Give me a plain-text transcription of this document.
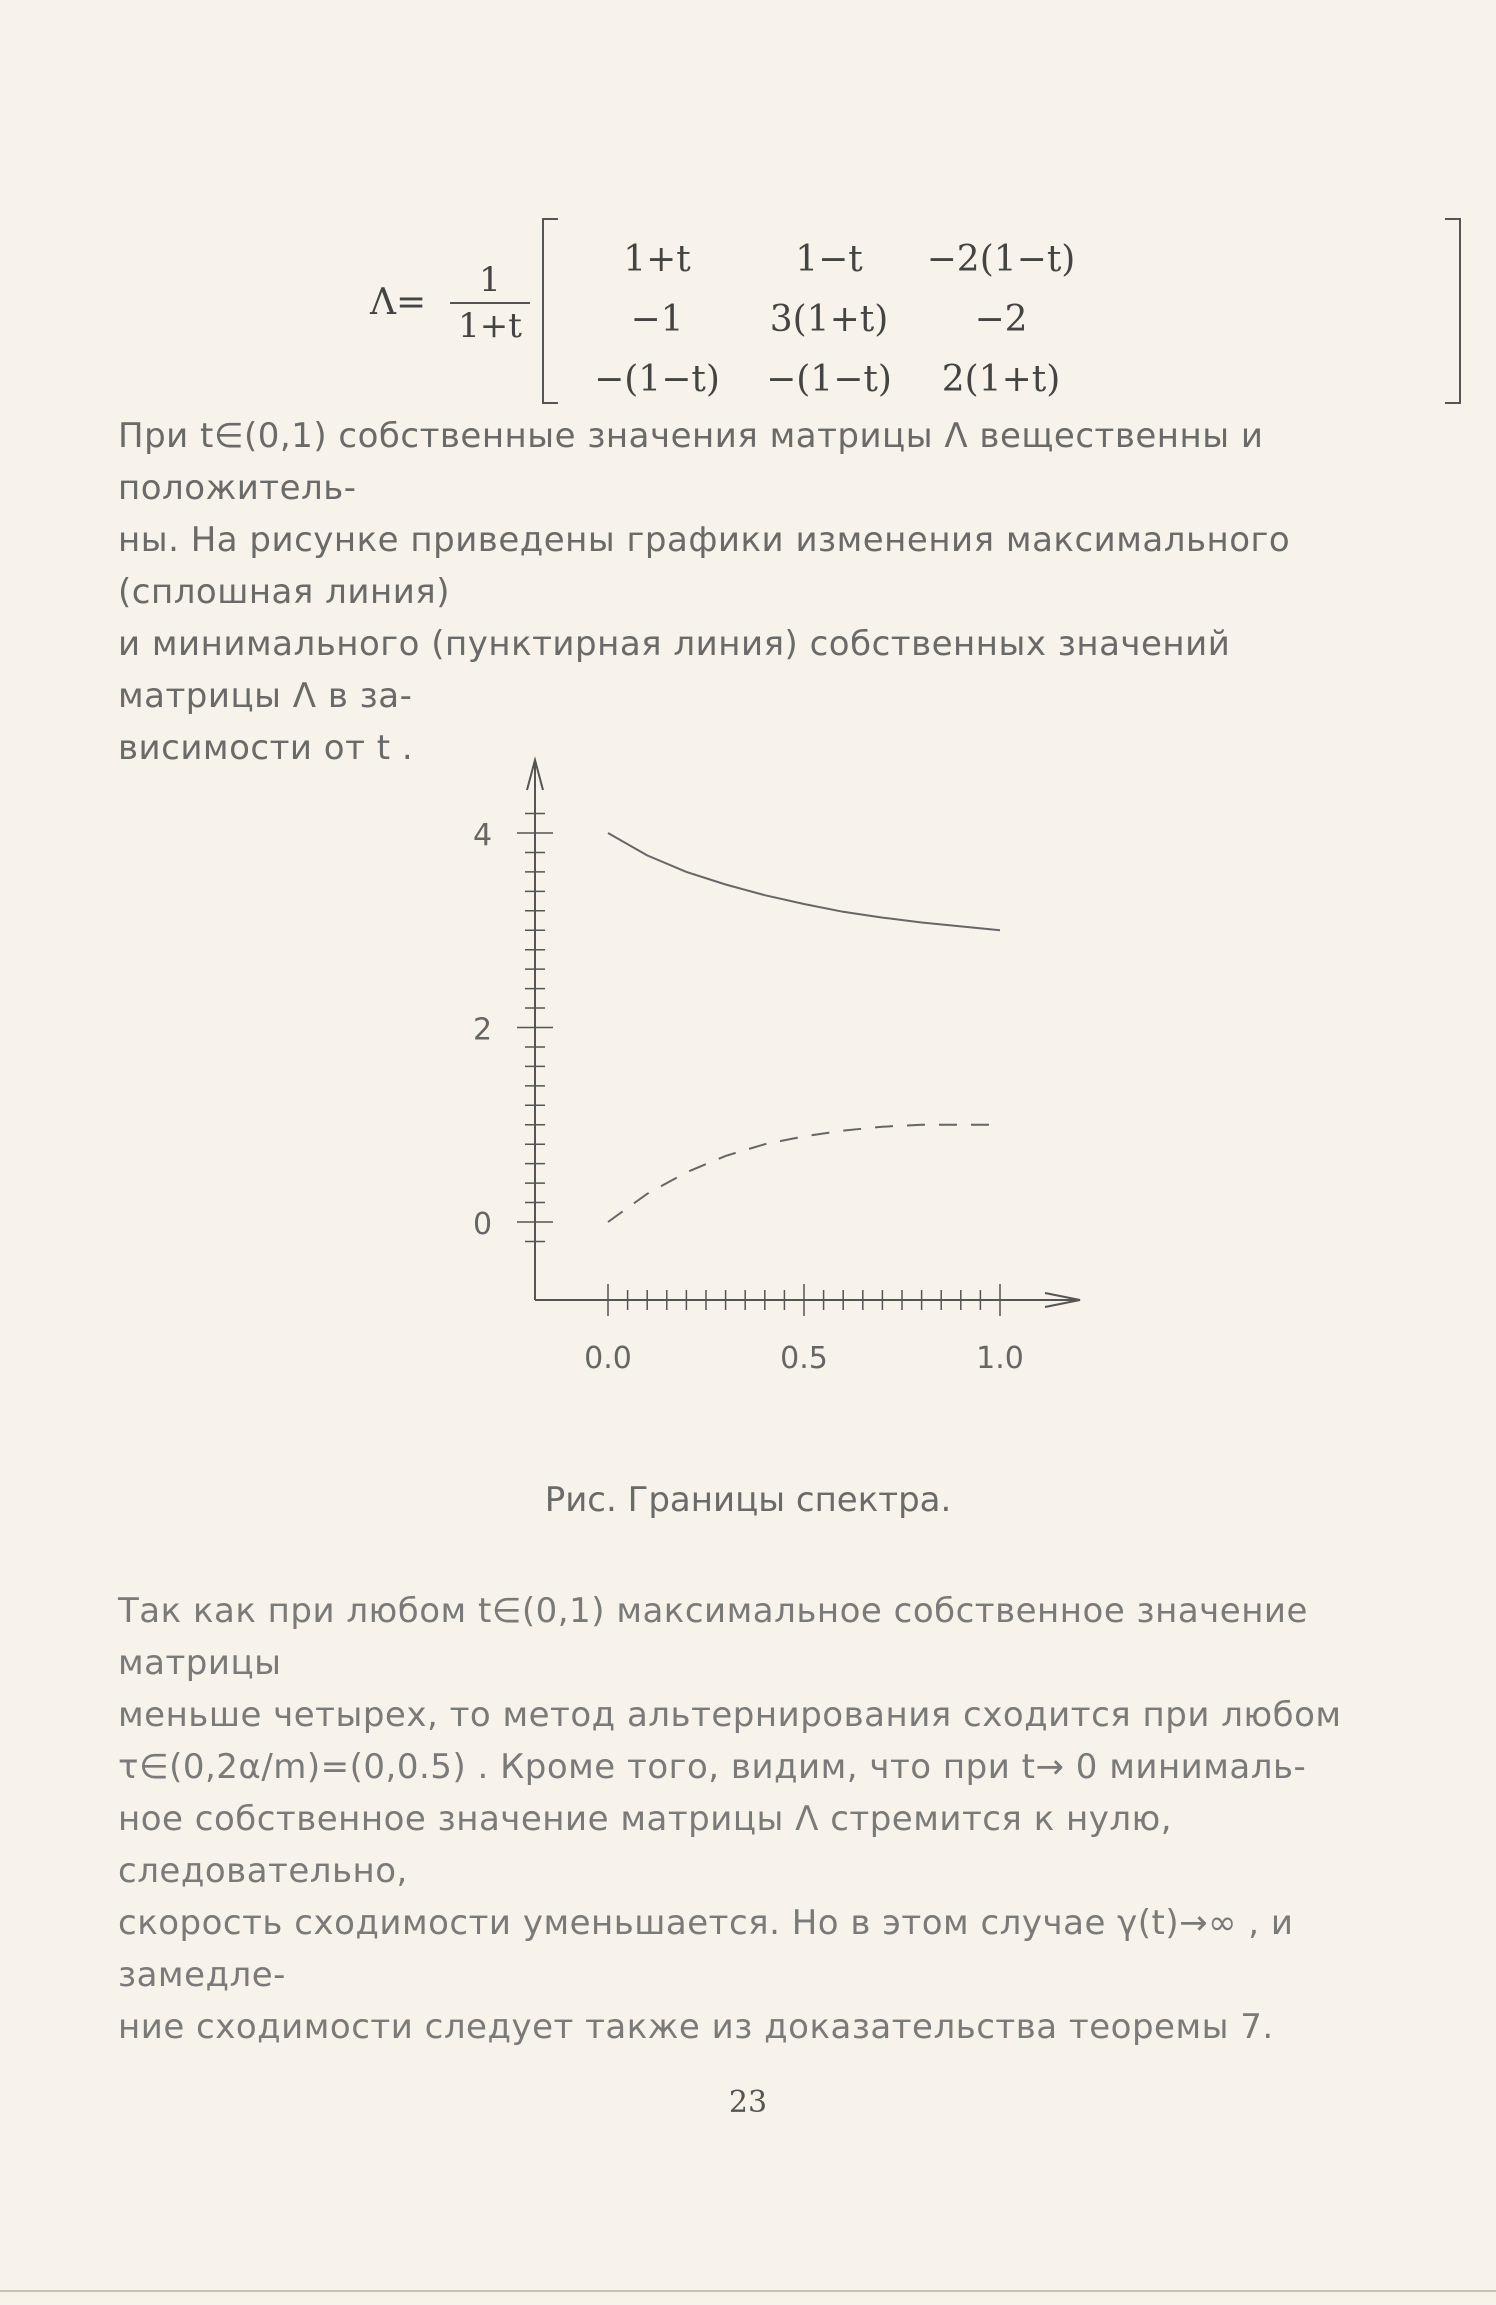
$\Lambda= \frac{1}{1+t}$
1+t	1−t	−2(1−t)
−1	3(1+t)	−2
−(1−t)	−(1−t)	2(1+t)

При t∈(0,1) собственные значения матрицы Λ вещественны и положитель-

ны. На рисунке приведены графики изменения максимального (сплошная линия)

и минимального (пунктирная линия) собственных значений матрицы Λ в за-

висимости от t .

0
2
4
0.0	0.5	1.0
Рис. Границы спектра.

Так как при любом t∈(0,1) максимальное собственное значение матрицы

меньше четырех, то метод альтернирования сходится при любом

τ∈(0,2α/m)=(0,0.5) . Кроме того, видим, что при t→ 0 минималь-

ное собственное значение матрицы Λ стремится к нулю, следовательно,

скорость сходимости уменьшается. Но в этом случае γ(t)→∞ , и замедле-

ние сходимости следует также из доказательства теоремы 7.

23
